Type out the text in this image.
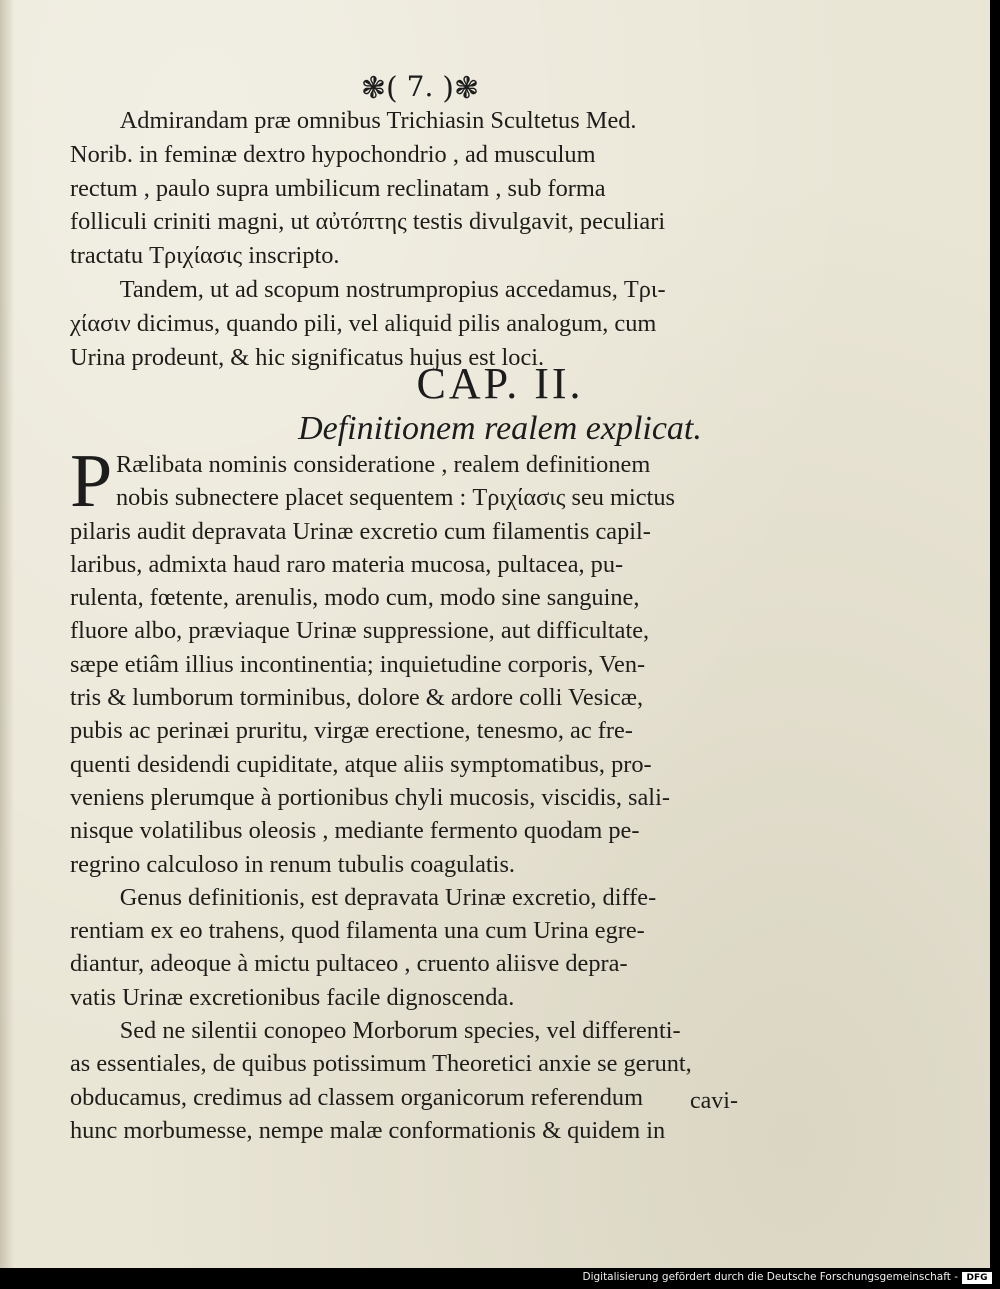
❃( 7. )❃

Admirandam præ omnibus Trichiasin Scultetus Med.
Norib. in feminæ dextro hypochondrio , ad musculum
rectum , paulo supra umbilicum reclinatam , sub forma
folliculi criniti magni, ut αὐτόπτης testis divulgavit, peculiari
tractatu Τριχίασις inscripto.

Tandem, ut ad scopum nostrumpropius accedamus, Τρι-
χίασιν dicimus, quando pili, vel aliquid pilis analogum, cum
Urina prodeunt, & hic significatus hujus est loci.

CAP. II.
Definitionem realem explicat.

P Rælibata nominis consideratione , realem definitionem
nobis subnectere placet sequentem : Τριχίασις seu mictus
pilaris audit depravata Urinæ excretio cum filamentis capil-
laribus, admixta haud raro materia mucosa, pultacea, pu-
rulenta, fœtente, arenulis, modo cum, modo sine sanguine,
fluore albo, præviaque Urinæ suppressione, aut difficultate,
sæpe etiâm illius incontinentia; inquietudine corporis, Ven-
tris & lumborum torminibus, dolore & ardore colli Vesicæ,
pubis ac perinæi pruritu, virgæ erectione, tenesmo, ac fre-
quenti desidendi cupiditate, atque aliis symptomatibus, pro-
veniens plerumque à portionibus chyli mucosis, viscidis, sali-
nisque volatilibus oleosis , mediante fermento quodam pe-
regrino calculoso in renum tubulis coagulatis.

Genus definitionis, est depravata Urinæ excretio, diffe-
rentiam ex eo trahens, quod filamenta una cum Urina egre-
diantur, adeoque à mictu pultaceo , cruento aliisve depra-
vatis Urinæ excretionibus facile dignoscenda.

Sed ne silentii conopeo Morborum species, vel differenti-
as essentiales, de quibus potissimum Theoretici anxie se gerunt,
obducamus, credimus ad classem organicorum referendum
hunc morbumesse, nempe malæ conformationis & quidem in

cavi-
Digitalisierung gefördert durch die Deutsche Forschungsgemeinschaft - DFG
